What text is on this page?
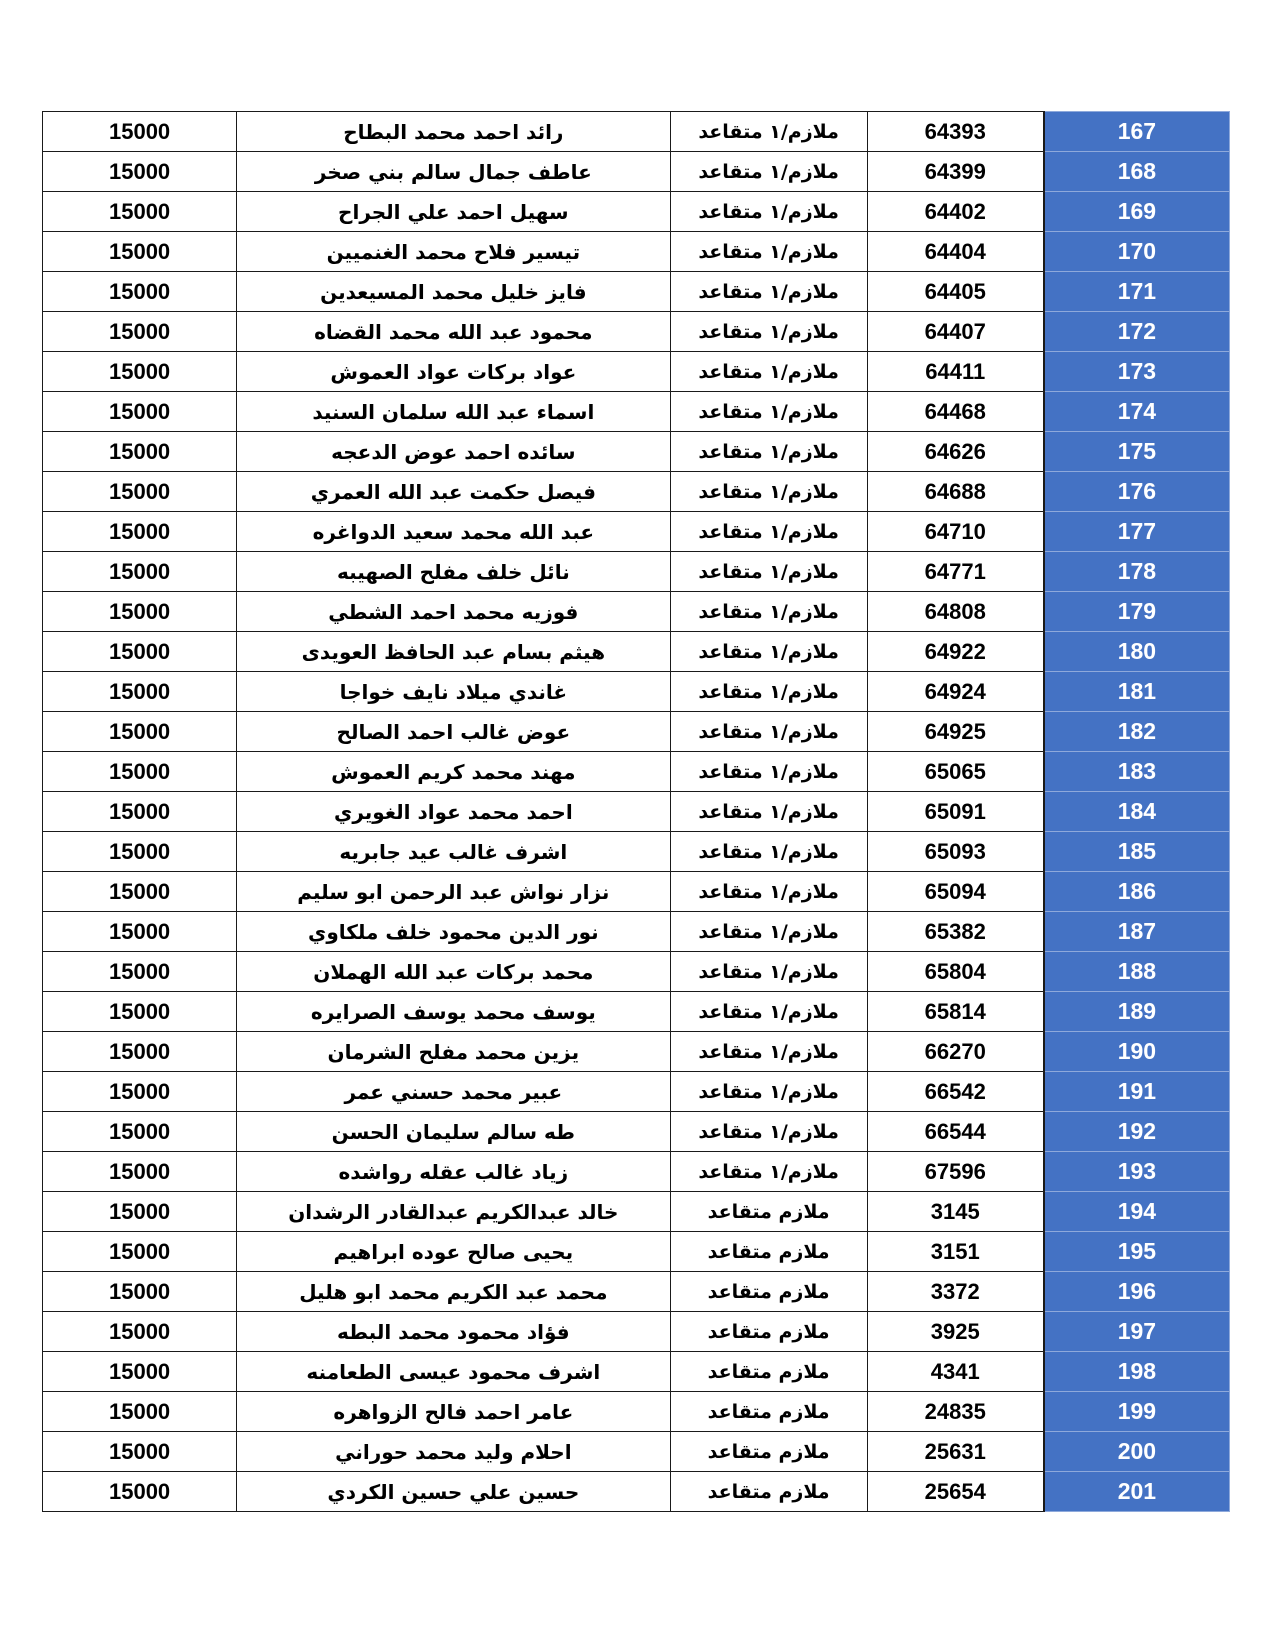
15000	رائد احمد محمد البطاح	ملازم/١ متقاعد	64393	167
15000	عاطف جمال سالم بني صخر	ملازم/١ متقاعد	64399	168
15000	سهيل احمد علي الجراح	ملازم/١ متقاعد	64402	169
15000	تيسير فلاح محمد الغنميين	ملازم/١ متقاعد	64404	170
15000	فايز خليل محمد المسيعدين	ملازم/١ متقاعد	64405	171
15000	محمود عبد الله محمد القضاه	ملازم/١ متقاعد	64407	172
15000	عواد بركات عواد العموش	ملازم/١ متقاعد	64411	173
15000	اسماء عبد الله سلمان السنيد	ملازم/١ متقاعد	64468	174
15000	سائده احمد عوض الدعجه	ملازم/١ متقاعد	64626	175
15000	فيصل حكمت عبد الله العمري	ملازم/١ متقاعد	64688	176
15000	عبد الله محمد سعيد الدواغره	ملازم/١ متقاعد	64710	177
15000	نائل خلف مفلح الصهيبه	ملازم/١ متقاعد	64771	178
15000	فوزيه محمد احمد الشطي	ملازم/١ متقاعد	64808	179
15000	هيثم بسام عبد الحافظ العويدى	ملازم/١ متقاعد	64922	180
15000	غاندي ميلاد نايف خواجا	ملازم/١ متقاعد	64924	181
15000	عوض غالب احمد الصالح	ملازم/١ متقاعد	64925	182
15000	مهند محمد كريم العموش	ملازم/١ متقاعد	65065	183
15000	احمد محمد عواد الغويري	ملازم/١ متقاعد	65091	184
15000	اشرف غالب عيد جابريه	ملازم/١ متقاعد	65093	185
15000	نزار نواش عبد الرحمن ابو سليم	ملازم/١ متقاعد	65094	186
15000	نور الدين محمود خلف ملكاوي	ملازم/١ متقاعد	65382	187
15000	محمد بركات عبد الله الهملان	ملازم/١ متقاعد	65804	188
15000	يوسف محمد يوسف الصرايره	ملازم/١ متقاعد	65814	189
15000	يزين محمد مفلح الشرمان	ملازم/١ متقاعد	66270	190
15000	عبير محمد حسني عمر	ملازم/١ متقاعد	66542	191
15000	طه سالم سليمان الحسن	ملازم/١ متقاعد	66544	192
15000	زياد غالب عقله رواشده	ملازم/١ متقاعد	67596	193
15000	خالد عبدالكريم عبدالقادر الرشدان	ملازم متقاعد	3145	194
15000	يحيى صالح عوده ابراهيم	ملازم متقاعد	3151	195
15000	محمد عبد الكريم محمد ابو هليل	ملازم متقاعد	3372	196
15000	فؤاد محمود محمد البطه	ملازم متقاعد	3925	197
15000	اشرف محمود عيسى الطعامنه	ملازم متقاعد	4341	198
15000	عامر احمد فالح الزواهره	ملازم متقاعد	24835	199
15000	احلام وليد محمد حوراني	ملازم متقاعد	25631	200
15000	حسين علي حسين الكردي	ملازم متقاعد	25654	201
